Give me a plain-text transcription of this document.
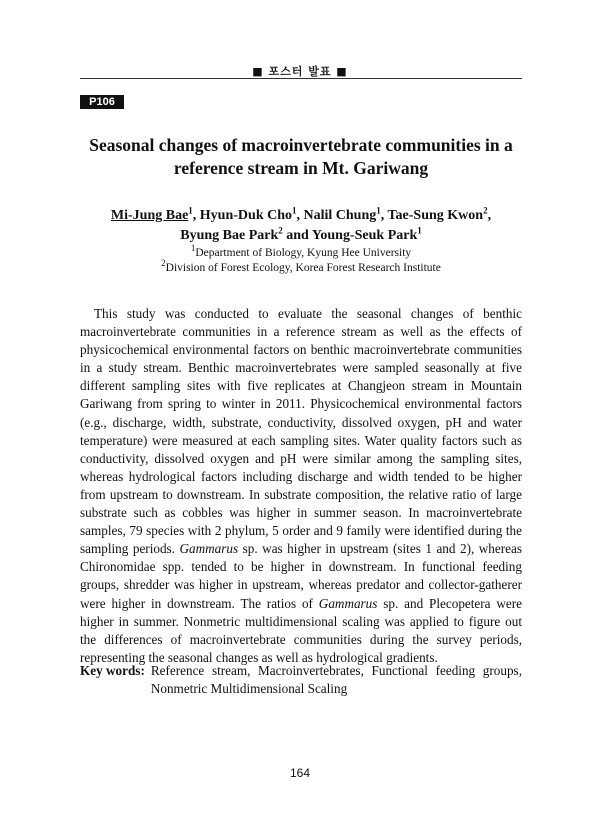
■ 포스터 발표 ■
P106
Seasonal changes of macroinvertebrate communities in a
reference stream in Mt. Gariwang
Mi-Jung Bae$^1$, Hyun-Duk Cho$^1$, Nalil Chung$^1$, Tae-Sung Kwon$^2$,
Byung Bae Park$^2$ and Young-Seuk Park$^1$
$^1$Department of Biology, Kyung Hee University
$^2$Division of Forest Ecology, Korea Forest Research Institute

This study was conducted to evaluate the seasonal changes of benthic macroinvertebrate communities in a reference stream as well as the effects of physicochemical environmental factors on benthic macroinvertebrate communities in a study stream. Benthic macroinvertebrates were sampled seasonally at five different sampling sites with five replicates at Changjeon stream in Mountain Gariwang from spring to winter in 2011. Physicochemical environmental factors (e.g., discharge, width, substrate, conductivity, dissolved oxygen, pH and water temperature) were measured at each sampling sites. Water quality factors such as conductivity, dissolved oxygen and pH were similar among the sampling sites, whereas hydrological factors including discharge and width tended to be higher from upstream to downstream. In substrate composition, the relative ratio of large substrate such as cobbles was higher in summer season. In macroinvertebrate samples, 79 species with 2 phylum, 5 order and 9 family were identified during the sampling periods. Gammarus sp. was higher in upstream (sites 1 and 2), whereas Chironomidae spp. tended to be higher in downstream. In functional feeding groups, shredder was higher in upstream, whereas predator and collector-gatherer were higher in downstream. The ratios of Gammarus sp. and Plecopetera were higher in summer. Nonmetric multidimensional scaling was applied to figure out the differences of macroinvertebrate communities during the survey periods, representing the seasonal changes as well as hydrological gradients.

Key words: Reference stream, Macroinvertebrates, Functional feeding groups, Nonmetric Multidimensional Scaling
164
